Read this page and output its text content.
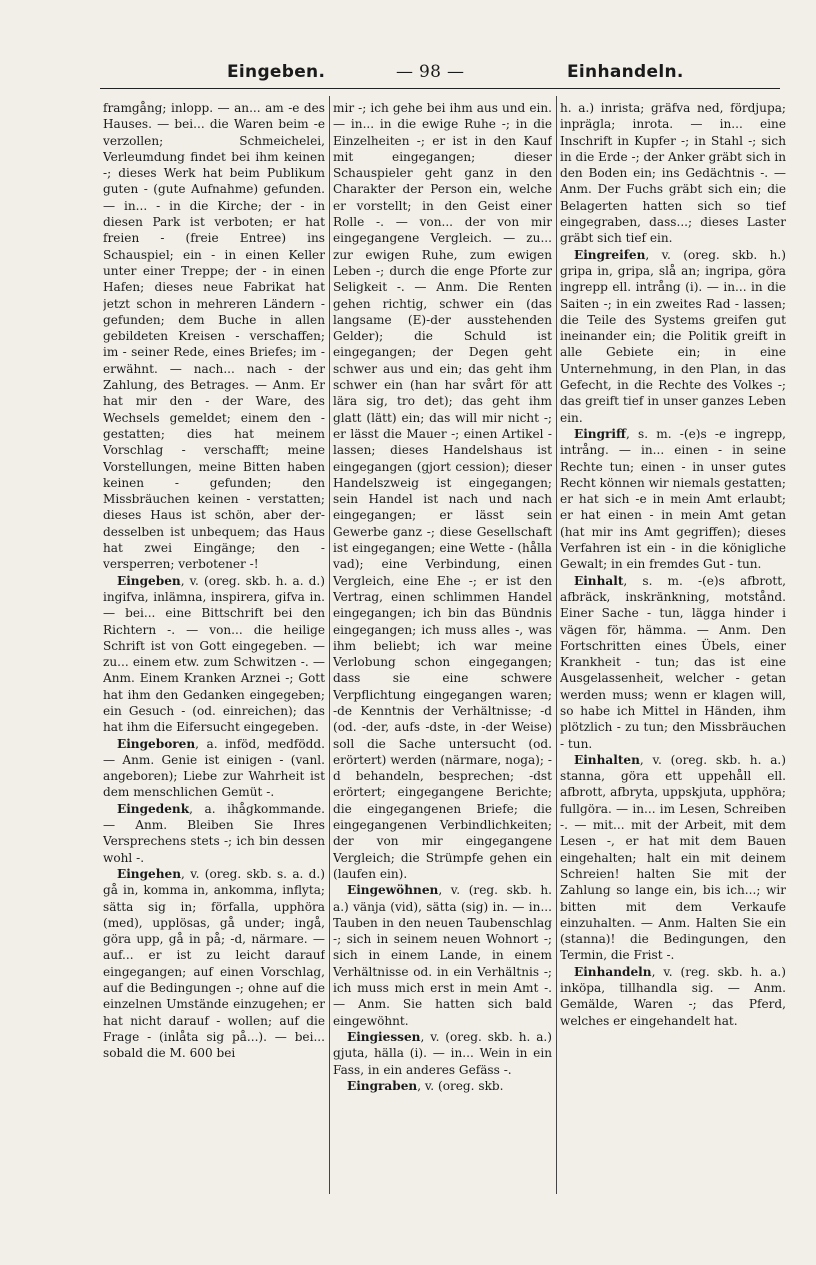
Eingeben.	— 98 —	Einhandeln.

framgång; inlopp. — an... am -e des Hauses. — bei... die Waren beim -e verzollen; Schmeichelei, Verleumdung findet bei ihm keinen -; dieses Werk hat beim Publikum guten - (gute Aufnahme) gefunden. — in... - in die Kirche; der - in diesen Park ist verboten; er hat freien - (freie Entree) ins Schauspiel; ein - in einen Keller unter einer Treppe; der - in einen Hafen; dieses neue Fabrikat hat jetzt schon in mehreren Ländern -gefunden; dem Buche in allen gebildeten Kreisen - verschaffen; im - seiner Rede, eines Briefes; im - erwähnt. — nach... nach - der Zahlung, des Betrages. — Anm. Er hat mir den - der Ware, des Wechsels gemeldet; einem den - gestatten; dies hat meinem Vorschlag - verschafft; meine Vorstellungen, meine Bitten haben keinen - gefunden; den Missbräuchen keinen - verstatten; dieses Haus ist schön, aber der- desselben ist unbequem; das Haus hat zwei Eingänge; den - versperren; verbotener -!

Eingeben, v. (oreg. skb. h. a. d.) ingifva, inlämna, inspirera, gifva in. — bei... eine Bittschrift bei den Richtern -. — von... die heilige Schrift ist von Gott eingegeben. — zu... einem etw. zum Schwitzen -. — Anm. Einem Kranken Arznei -; Gott hat ihm den Gedanken eingegeben; ein Gesuch - (od. einreichen); das hat ihm die Eifersucht eingegeben.

Eingeboren, a. inföd, medfödd. — Anm. Genie ist einigen - (vanl. angeboren); Liebe zur Wahrheit ist dem menschlichen Gemüt -.

Eingedenk, a. ihågkommande. — Anm. Bleiben Sie Ihres Versprechens stets -; ich bin dessen wohl -.

Eingehen, v. (oreg. skb. s. a. d.) gå in, komma in, ankomma, inflyta; sätta sig in; förfalla, upphöra (med), upplösas, gå under; ingå, göra upp, gå in på; -d, närmare. — auf... er ist zu leicht darauf eingegangen; auf einen Vorschlag, auf die Bedingungen -; ohne auf die einzelnen Umstände einzugehen; er hat nicht darauf - wollen; auf die Frage - (inlåta sig på...). — bei... sobald die M. 600 bei

mir -; ich gehe bei ihm aus und ein. — in... in die ewige Ruhe -; in die Einzelheiten -; er ist in den Kauf mit eingegangen; dieser Schauspieler geht ganz in den Charakter der Person ein, welche er vorstellt; in den Geist einer Rolle -. — von... der von mir eingegangene Vergleich. — zu... zur ewigen Ruhe, zum ewigen Leben -; durch die enge Pforte zur Seligkeit -. — Anm. Die Renten gehen richtig, schwer ein (das langsame (E)-der ausstehenden Gelder); die Schuld ist eingegangen; der Degen geht schwer aus und ein; das geht ihm schwer ein (han har svårt för att lära sig, tro det); das geht ihm glatt (lätt) ein; das will mir nicht -; er lässt die Mauer -; einen Artikel - lassen; dieses Handelshaus ist eingegangen (gjort cession); dieser Handelszweig ist eingegangen; sein Handel ist nach und nach eingegangen; er lässt sein Gewerbe ganz -; diese Gesellschaft ist eingegangen; eine Wette - (hålla vad); eine Verbindung, einen Vergleich, eine Ehe -; er ist den Vertrag, einen schlimmen Handel eingegangen; ich bin das Bündnis eingegangen; ich muss alles -, was ihm beliebt; ich war meine Verlobung schon eingegangen; dass sie eine schwere Verpflichtung eingegangen waren; -de Kenntnis der Verhältnisse; -d (od. -der, aufs -dste, in -der Weise) soll die Sache untersucht (od. erörtert) werden (närmare, noga); -d behandeln, besprechen; -dst erörtert; eingegangene Berichte; die eingegangenen Briefe; die eingegangenen Verbindlichkeiten; der von mir eingegangene Vergleich; die Strümpfe gehen ein (laufen ein).

Eingewöhnen, v. (reg. skb. h. a.) vänja (vid), sätta (sig) in. — in... Tauben in den neuen Taubenschlag -; sich in seinem neuen Wohnort -; sich in einem Lande, in einem Verhältnisse od. in ein Verhältnis -; ich muss mich erst in mein Amt -. — Anm. Sie hatten sich bald eingewöhnt.

Eingiessen, v. (oreg. skb. h. a.) gjuta, hälla (i). — in... Wein in ein Fass, in ein anderes Gefäss -.

Eingraben, v. (oreg. skb.

h. a.) inrista; gräfva ned, fördjupa; inprägla; inrota. — in... eine Inschrift in Kupfer -; in Stahl -; sich in die Erde -; der Anker gräbt sich in den Boden ein; ins Gedächtnis -. — Anm. Der Fuchs gräbt sich ein; die Belagerten hatten sich so tief eingegraben, dass...; dieses Laster gräbt sich tief ein.

Eingreifen, v. (oreg. skb. h.) gripa in, gripa, slå an; ingripa, göra ingrepp ell. intrång (i). — in... in die Saiten -; in ein zweites Rad - lassen; die Teile des Systems greifen gut ineinander ein; die Politik greift in alle Gebiete ein; in eine Unternehmung, in den Plan, in das Gefecht, in die Rechte des Volkes -; das greift tief in unser ganzes Leben ein.

Eingriff, s. m. -(e)s -e ingrepp, intrång. — in... einen - in seine Rechte tun; einen - in unser gutes Recht können wir niemals gestatten; er hat sich -e in mein Amt erlaubt; er hat einen - in mein Amt getan (hat mir ins Amt gegriffen); dieses Verfahren ist ein - in die königliche Gewalt; in ein fremdes Gut - tun.

Einhalt, s. m. -(e)s afbrott, afbräck, inskränkning, motstånd. Einer Sache - tun, lägga hinder i vägen för, hämma. — Anm. Den Fortschritten eines Übels, einer Krankheit - tun; das ist eine Ausgelassenheit, welcher - getan werden muss; wenn er klagen will, so habe ich Mittel in Händen, ihm plötzlich - zu tun; den Missbräuchen - tun.

Einhalten, v. (oreg. skb. h. a.) stanna, göra ett uppehåll ell. afbrott, afbryta, uppskjuta, upphöra; fullgöra. — in... im Lesen, Schreiben -. — mit... mit der Arbeit, mit dem Lesen -, er hat mit dem Bauen eingehalten; halt ein mit deinem Schreien! halten Sie mit der Zahlung so lange ein, bis ich...; wir bitten mit dem Verkaufe einzuhalten. — Anm. Halten Sie ein (stanna)! die Bedingungen, den Termin, die Frist -.

Einhandeln, v. (reg. skb. h. a.) inköpa, tillhandla sig. — Anm. Gemälde, Waren -; das Pferd, welches er eingehandelt hat.
